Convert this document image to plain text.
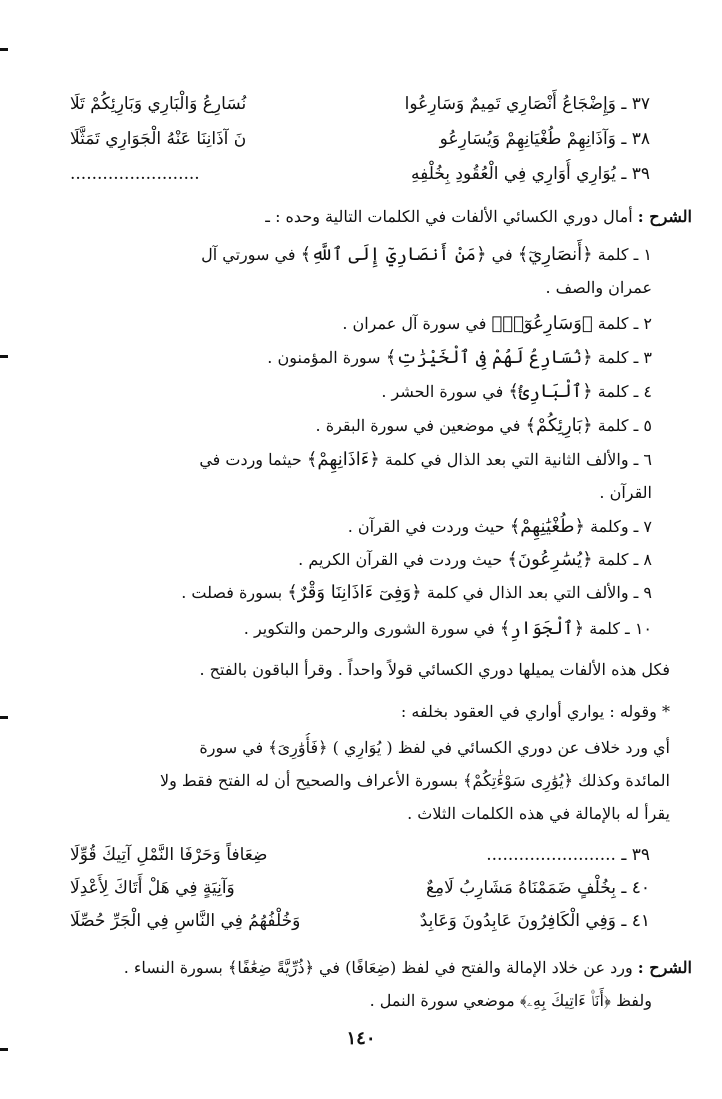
٣٧ ـ وَإِضْجَاعُ أَنْصَارِي تَمِيمٌ وَسَارِعُوا
نُسَارِعُ وَالْبَارِي وَبَارِئِكُمْ تَلَا
٣٨ ـ وَآذَانِهِمْ طُغْيَانِهِمْ وَيُسَارِعُو
نَ آذَانِنَا عَنْهُ الْجَوَارِي تَمَثَّلَا
٣٩ ـ يُوَارِي أُوَارِي فِي الْعُقُودِ بِخُلْفِهِ
........................
الشرح : أمال دوري الكسائي الألفات في الكلمات التالية وحده : ـ
١ ـ كلمة ﴿أَنصَارِيٓ﴾ في ﴿مَنْ أَنصَارِيٓ إِلَى ٱللَّهِ﴾ في سورتي آل
عمران والصف .
٢ ـ كلمة ﴿وَسَارِعُوٓا۟﴾ في سورة آل عمران .
٣ ـ كلمة ﴿نُسَارِعُ لَهُمْ فِى ٱلْخَيْرَٰتِ﴾ سورة المؤمنون .
٤ ـ كلمة ﴿ٱلْبَارِئُ﴾ في سورة الحشر .
٥ ـ كلمة ﴿بَارِئِكُمْ﴾ في موضعين في سورة البقرة .
٦ ـ والألف الثانية التي بعد الذال في كلمة ﴿ءَاذَانِهِمْ﴾ حيثما وردت في
القرآن .
٧ ـ وكلمة ﴿طُغْيَٰنِهِمْ﴾ حيث وردت في القرآن .
٨ ـ كلمة ﴿يُسَٰرِعُونَ﴾ حيث وردت في القرآن الكريم .
٩ ـ والألف التي بعد الذال في كلمة ﴿وَفِىٓ ءَاذَانِنَا وَقْرٌ﴾ بسورة فصلت .
١٠ ـ كلمة ﴿ٱلْجَوَارِ﴾ في سورة الشورى والرحمن والتكوير .
فكل هذه الألفات يميلها دوري الكسائي قولاً واحداً . وقرأ الباقون بالفتح .
* وقوله : يواري أواري في العقود بخلفه :
أي ورد خلاف عن دوري الكسائي في لفظ ( يُوَارِي ) ﴿فَأُوَٰرِىَ﴾ في سورة
المائدة وكذلك ﴿يُوَٰرِى سَوْءَٰتِكُمْ﴾ بسورة الأعراف والصحيح أن له الفتح فقط ولا
يقرأ له بالإمالة في هذه الكلمات الثلاث .
٣٩ ـ ........................
ضِعَافاً وَحَرْفَا النَّمْلِ آتِيكَ قُوِّلَا
٤٠ ـ بِخُلْفٍ ضَمَمْنَاهُ مَشَارِبُ لَامِعٌ
وَآنِيَةٍ فِي هَلْ أَتَاكَ لِأَعْدِلَا
٤١ ـ وَفِي الْكَافِرُونَ عَابِدُونَ وَعَابِدٌ
وَخُلْفُهُمُ فِي النَّاسِ فِي الْجَرِّ حُصِّلَا
الشرح : ورد عن خلاد الإمالة والفتح في لفظ (ضِعَافًا) في ﴿ذُرِّيَّةً ضِعَٰفًا﴾ بسورة النساء .
ولفظ ﴿أَنَا۠ ءَاتِيكَ بِهِۦ﴾ موضعي سورة النمل .
١٤٠
